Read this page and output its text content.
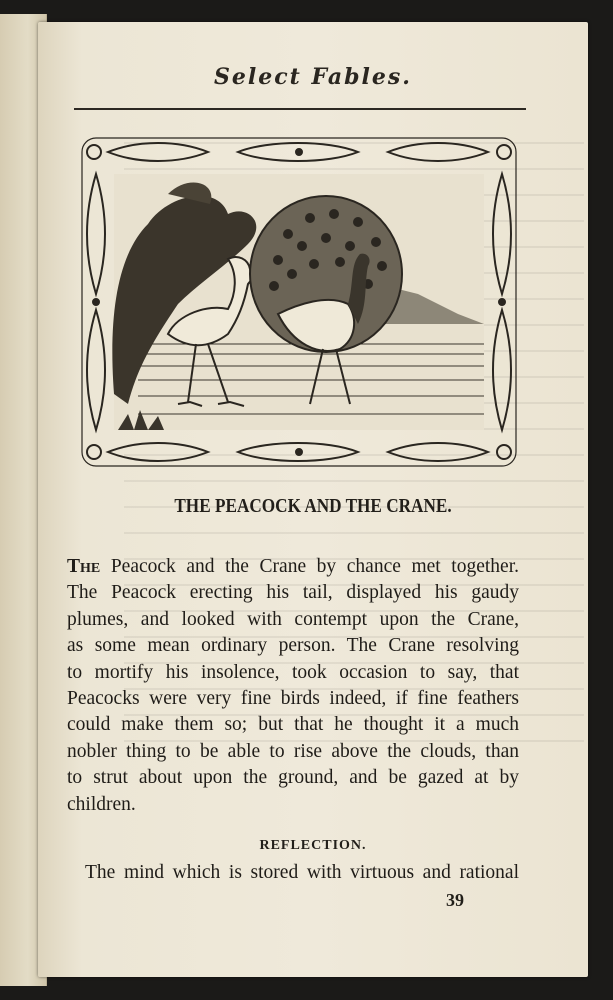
Select Fables.
THE PEACOCK AND THE CRANE.
The Peacock and the Crane by chance met together.
The Peacock erecting his tail, displayed his gaudy
plumes, and looked with contempt upon the Crane,
as some mean ordinary person. The Crane resolving
to mortify his insolence, took occasion to say, that
Peacocks were very fine birds indeed, if fine feathers
could make them so; but that he thought it a much
nobler thing to be able to rise above the clouds, than
to strut about upon the ground, and be gazed at by
children.
REFLECTION.
The mind which is stored with virtuous and rational
39
